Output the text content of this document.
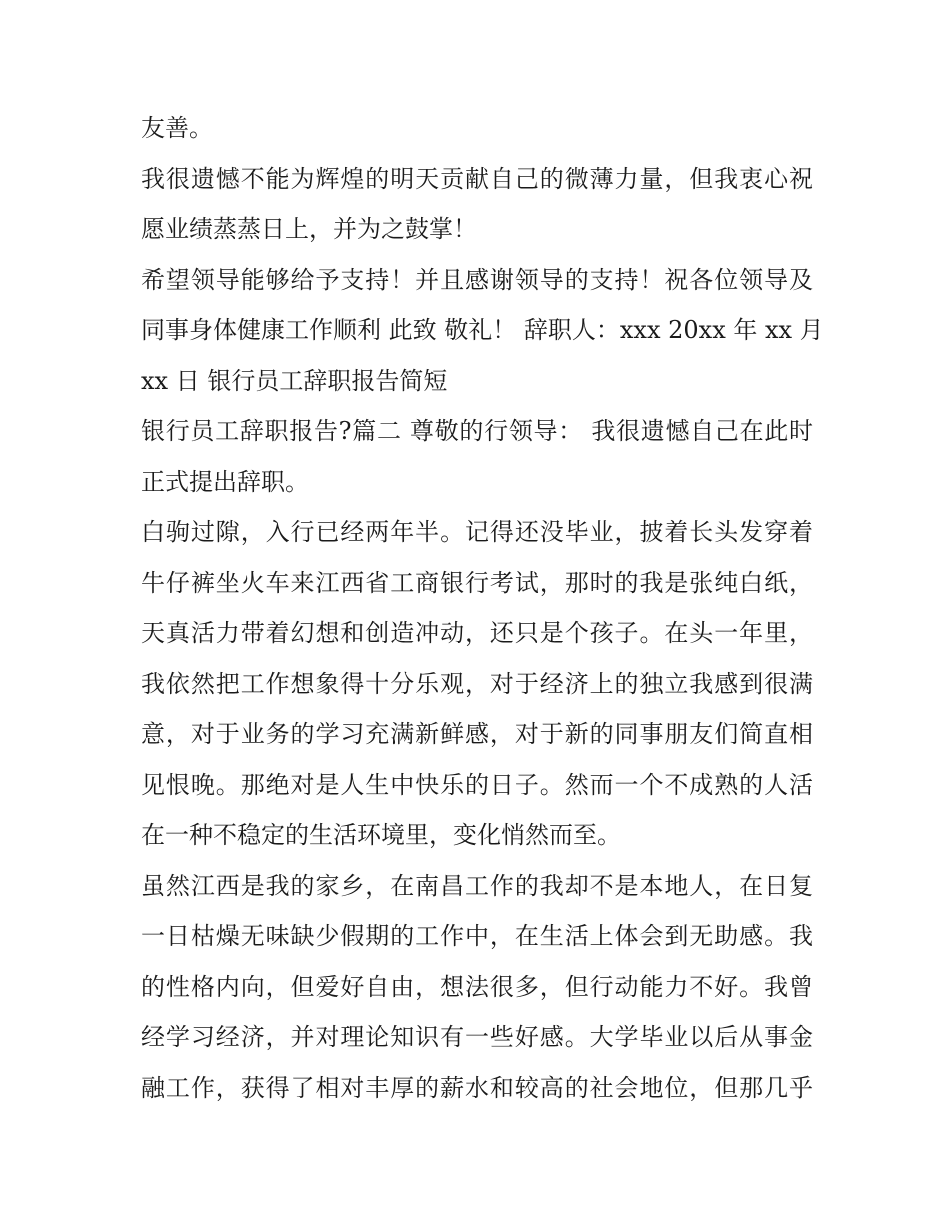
友善。
我很遗憾不能为辉煌的明天贡献自己的微薄力量，但我衷心祝
愿业绩蒸蒸日上，并为之鼓掌！
希望领导能够给予支持！并且感谢领导的支持！祝各位领导及
同事身体健康工作顺利 此致 敬礼！ 辞职人：xxx 20xx 年 xx 月
xx 日 银行员工辞职报告简短
银行员工辞职报告?篇二 尊敬的行领导： 我很遗憾自己在此时
正式提出辞职。
白驹过隙，入行已经两年半。记得还没毕业，披着长头发穿着
牛仔裤坐火车来江西省工商银行考试，那时的我是张纯白纸，
天真活力带着幻想和创造冲动，还只是个孩子。在头一年里，
我依然把工作想象得十分乐观，对于经济上的独立我感到很满
意，对于业务的学习充满新鲜感，对于新的同事朋友们简直相
见恨晚。那绝对是人生中快乐的日子。然而一个不成熟的人活
在一种不稳定的生活环境里，变化悄然而至。
虽然江西是我的家乡，在南昌工作的我却不是本地人，在日复
一日枯燥无味缺少假期的工作中，在生活上体会到无助感。我
的性格内向，但爱好自由，想法很多，但行动能力不好。我曾
经学习经济，并对理论知识有一些好感。大学毕业以后从事金
融工作，获得了相对丰厚的薪水和较高的社会地位，但那几乎
